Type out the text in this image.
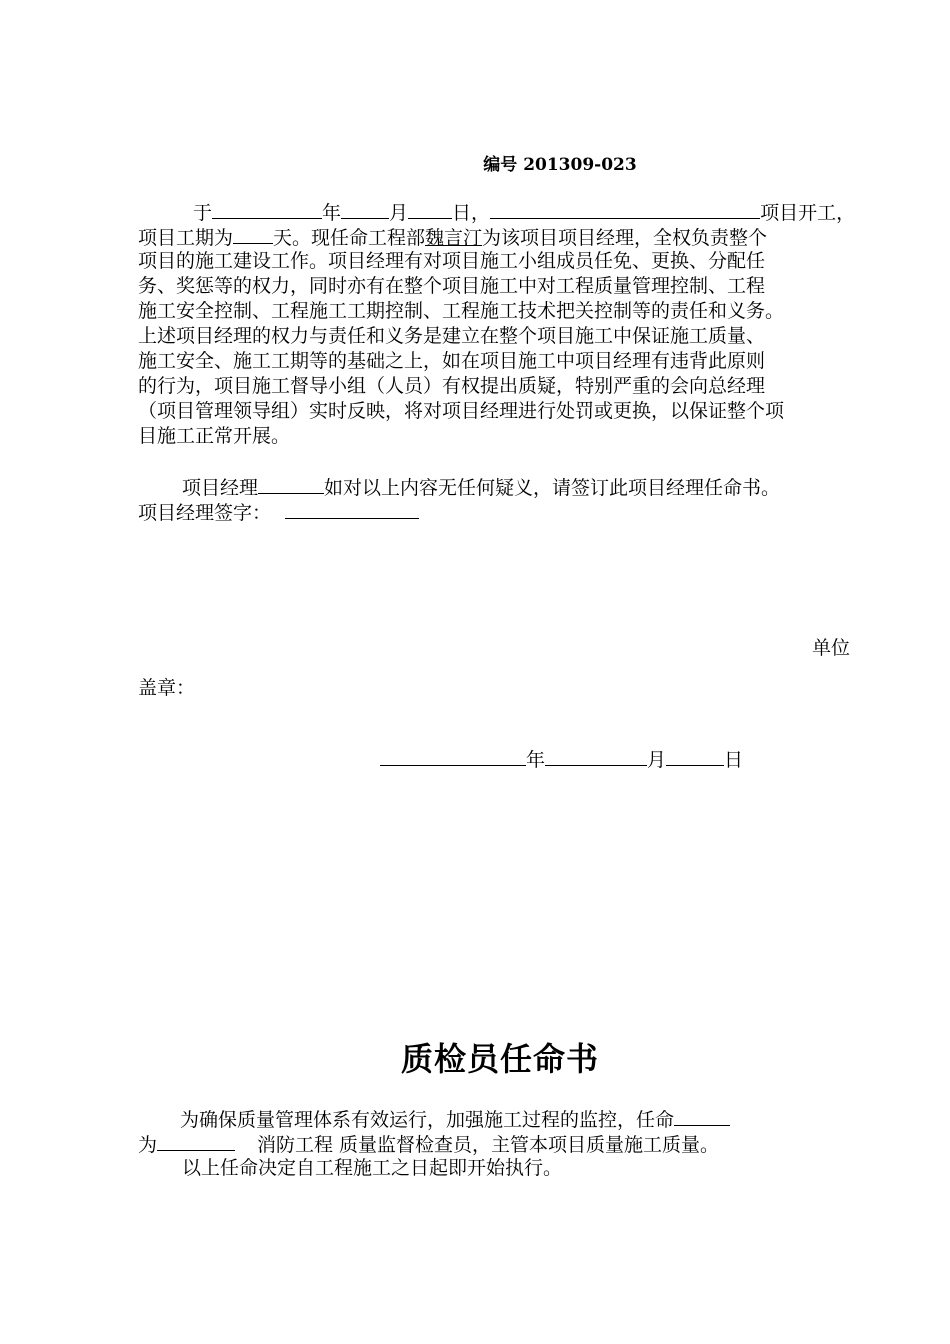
编号 201309-023
于	年	月 日，	项目开工，
项目工期为 天。现任命工程部魏言汀为该项目项目经理，全权负责整个
项目的施工建设工作。项目经理有对项目施工小组成员任免、更换、分配任
务、奖惩等的权力，同时亦有在整个项目施工中对工程质量管理控制、工程
施工安全控制、工程施工工期控制、工程施工技术把关控制等的责任和义务。
上述项目经理的权力与责任和义务是建立在整个项目施工中保证施工质量、
施工安全、施工工期等的基础之上，如在项目施工中项目经理有违背此原则
的行为，项目施工督导小组（人员）有权提出质疑，特别严重的会向总经理
（项目管理领导组）实时反映，将对项目经理进行处罚或更换，以保证整个项
目施工正常开展。
项目经理	如对以上内容无任何疑义，请签订此项目经理任命书。
项目经理签字：
单位
盖章：
年	月	日
质检员任命书
为确保质量管理体系有效运行，加强施工过程的监控，任命
为	消防工程 质量监督检查员，主管本项目质量施工质量。
以上任命决定自工程施工之日起即开始执行。
